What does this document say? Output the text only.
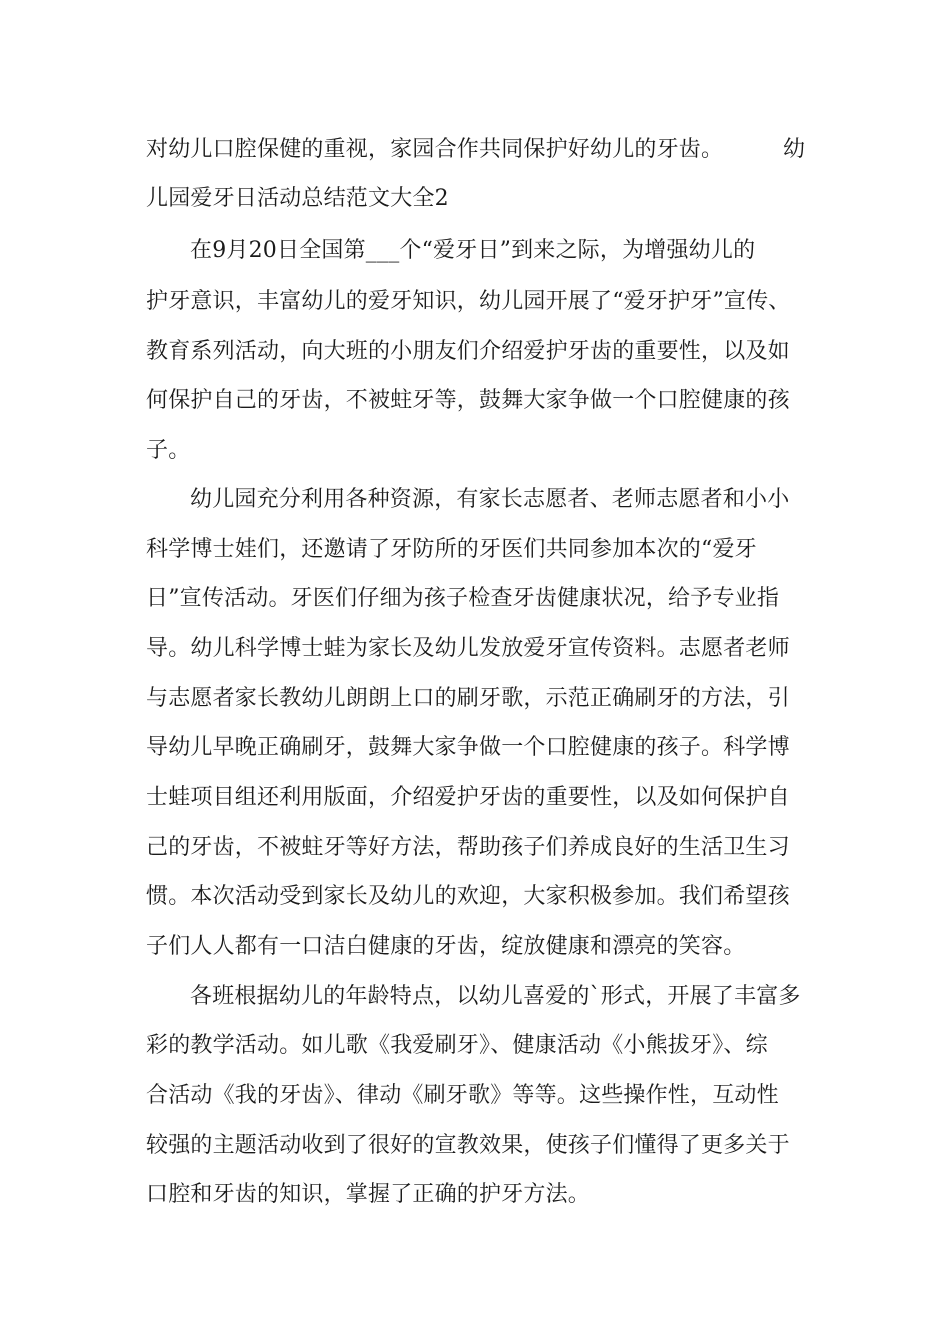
对幼儿口腔保健的重视，家园合作共同保护好幼儿的牙齿。	幼

儿园爱牙日活动总结范文大全2

在9月20日全国第___个“爱牙日”到来之际，为增强幼儿的

护牙意识，丰富幼儿的爱牙知识，幼儿园开展了“爱牙护牙”宣传、

教育系列活动，向大班的小朋友们介绍爱护牙齿的重要性，以及如

何保护自己的牙齿，不被蛀牙等，鼓舞大家争做一个口腔健康的孩

子。

幼儿园充分利用各种资源，有家长志愿者、老师志愿者和小小

科学博士娃们，还邀请了牙防所的牙医们共同参加本次的“爱牙

日”宣传活动。牙医们仔细为孩子检查牙齿健康状况，给予专业指

导。幼儿科学博士蛙为家长及幼儿发放爱牙宣传资料。志愿者老师

与志愿者家长教幼儿朗朗上口的刷牙歌，示范正确刷牙的方法，引

导幼儿早晚正确刷牙，鼓舞大家争做一个口腔健康的孩子。科学博

士蛙项目组还利用版面，介绍爱护牙齿的重要性，以及如何保护自

己的牙齿，不被蛀牙等好方法，帮助孩子们养成良好的生活卫生习

惯。本次活动受到家长及幼儿的欢迎，大家积极参加。我们希望孩

子们人人都有一口洁白健康的牙齿，绽放健康和漂亮的笑容。

各班根据幼儿的年龄特点，以幼儿喜爱的`形式，开展了丰富多

彩的教学活动。如儿歌《我爱刷牙》、健康活动《小熊拔牙》、综

合活动《我的牙齿》、律动《刷牙歌》等等。这些操作性，互动性

较强的主题活动收到了很好的宣教效果，使孩子们懂得了更多关于

口腔和牙齿的知识，掌握了正确的护牙方法。
